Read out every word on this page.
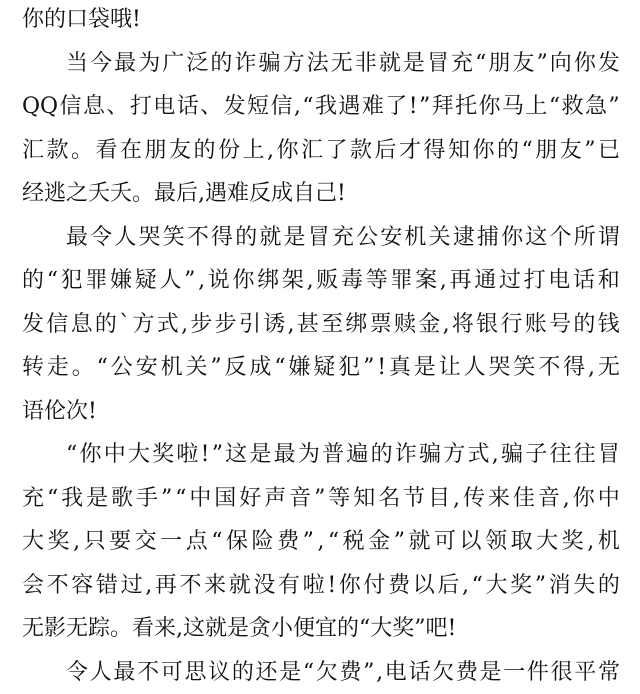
你的口袋哦!
当 今 最 为 广 泛 的 诈 骗 方 法 无 非 就 是 冒 充 “ 朋 友 ” 向 你 发
QQ 信 息 、 打 电 话 、 发 短 信 , “ 我 遇 难 了 ! ” 拜 托 你 马 上 “ 救 急 ”
汇 款 。 看 在 朋 友 的 份 上 , 你 汇 了 款 后 才 得 知 你 的 “ 朋 友 ” 已
经逃之夭夭。最后,遇难反成自己!
最 令 人 哭 笑 不 得 的 就 是 冒 充 公 安 机 关 逮 捕 你 这 个 所 谓
的 “ 犯 罪 嫌 疑 人 ” , 说 你 绑 架 , 贩 毒 等 罪 案 , 再 通 过 打 电 话 和
发 信 息 的 ` 方 式 , 步 步 引 诱 , 甚 至 绑 票 赎 金 , 将 银 行 账 号 的 钱
转 走 。 “ 公 安 机 关 ” 反 成 “ 嫌 疑 犯 ” ! 真 是 让 人 哭 笑 不 得 , 无
语伦次!
“ 你 中 大 奖 啦 ! ” 这 是 最 为 普 遍 的 诈 骗 方 式 , 骗 子 往 往 冒
充 “ 我 是 歌 手 ” “ 中 国 好 声 音 ” 等 知 名 节 目 , 传 来 佳 音 , 你 中
大 奖 , 只 要 交 一 点 “ 保 险 费 ” , “ 税 金 ” 就 可 以 领 取 大 奖 , 机
会 不 容 错 过 , 再 不 来 就 没 有 啦 ! 你 付 费 以 后 , “ 大 奖 ” 消 失 的
无影无踪。看来,这就是贪小便宜的“大奖”吧!
令 人 最 不 可 思 议 的 还 是 “ 欠 费 ” , 电 话 欠 费 是 一 件 很 平 常
